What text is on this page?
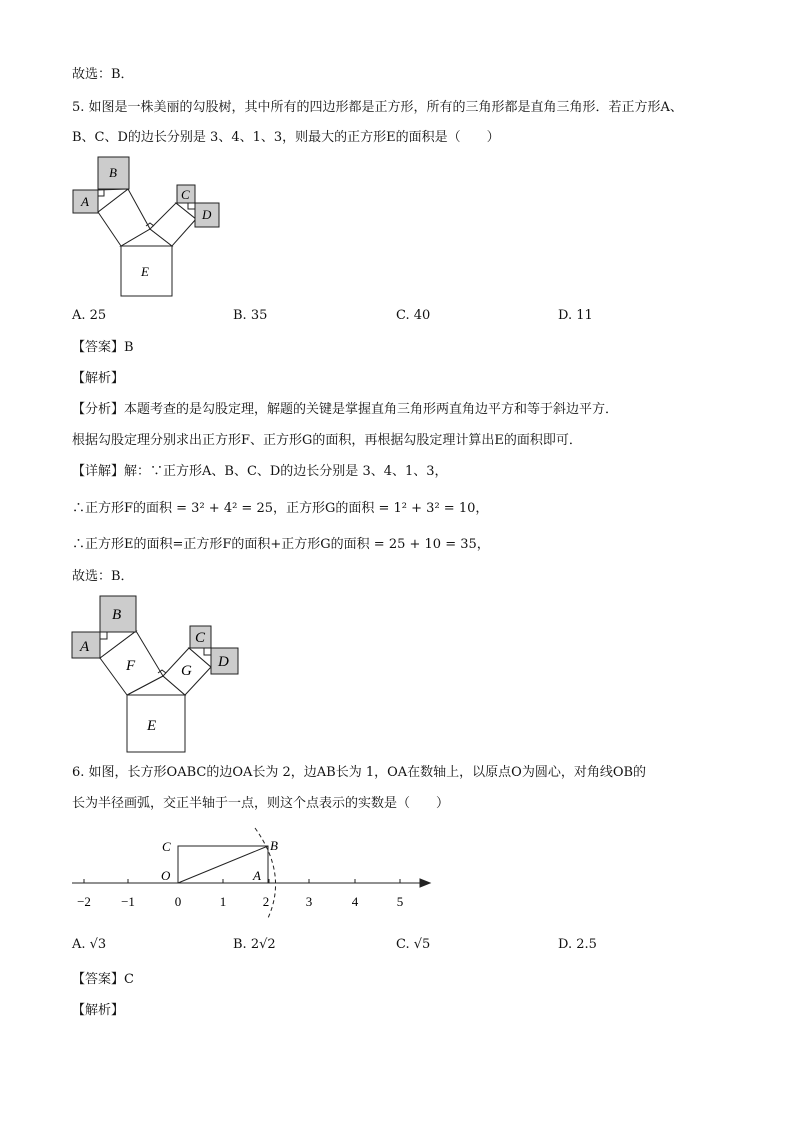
故选：B．
5. 如图是一株美丽的勾股树，其中所有的四边形都是正方形，所有的三角形都是直角三角形．若正方形A、
B、C、D的边长分别是 3、4、1、3，则最大的正方形E的面积是（　　）
A
B
C
D
E
A. 25	B. 35	C. 40	D. 11
【答案】B
【解析】
【分析】本题考查的是勾股定理，解题的关键是掌握直角三角形两直角边平方和等于斜边平方．
根据勾股定理分别求出正方形F、正方形G的面积，再根据勾股定理计算出E的面积即可．
【详解】解：∵正方形A、B、C、D的边长分别是 3、4、1、3，
∴正方形F的面积 = 3² + 4² = 25，正方形G的面积 = 1² + 3² = 10，
∴正方形E的面积=正方形F的面积+正方形G的面积 = 25 + 10 = 35，
故选：B．
A
B
C
D
E
F	G
6. 如图，长方形OABC的边OA长为 2，边AB长为 1，OA在数轴上，以原点O为圆心，对角线OB的
长为半径画弧，交正半轴于一点，则这个点表示的实数是（　　）
C	B
O	A
−2 −1	0	1	2	3	4	5
A. √3	B. 2√2	C. √5	D. 2.5
【答案】C
【解析】
